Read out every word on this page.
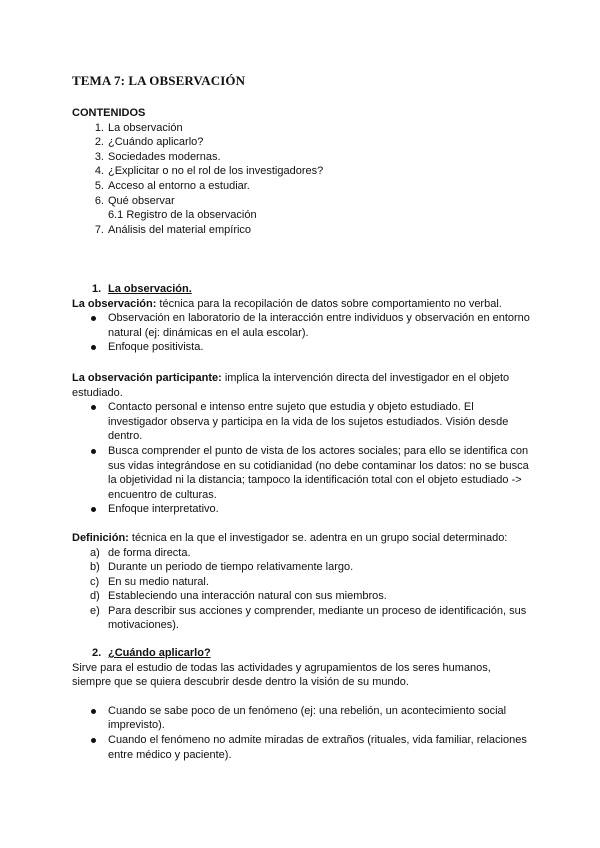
TEMA 7: LA OBSERVACIÓN
CONTENIDOS
1. La observación
2. ¿Cuándo aplicarlo?
3. Sociedades modernas.
4. ¿Explicitar o no el rol de los investigadores?
5. Acceso al entorno a estudiar.
6. Qué observar
6.1 Registro de la observación
7. Análisis del material empírico
1. La observación.

La observación: técnica para la recopilación de datos sobre comportamiento no verbal.

Observación en laboratorio de la interacción entre individuos y observación en entorno natural (ej: dinámicas en el aula escolar).
Enfoque positivista.

La observación participante: implica la intervención directa del investigador en el objeto estudiado.

Contacto personal e intenso entre sujeto que estudia y objeto estudiado. El investigador observa y participa en la vida de los sujetos estudiados. Visión desde dentro.
Busca comprender el punto de vista de los actores sociales; para ello se identifica con sus vidas integrándose en su cotidianidad (no debe contaminar los datos: no se busca la objetividad ni la distancia; tampoco la identificación total con el objeto estudiado -> encuentro de culturas.
Enfoque interpretativo.

Definición: técnica en la que el investigador se. adentra en un grupo social determinado:

a) de forma directa.
b) Durante un periodo de tiempo relativamente largo.
c) En su medio natural.
d) Estableciendo una interacción natural con sus miembros.
e) Para describir sus acciones y comprender, mediante un proceso de identificación, sus motivaciones).
2. ¿Cuándo aplicarlo?

Sirve para el estudio de todas las actividades y agrupamientos de los seres humanos, siempre que se quiera descubrir desde dentro la visión de su mundo.

Cuando se sabe poco de un fenómeno (ej: una rebelión, un acontecimiento social imprevisto).
Cuando el fenómeno no admite miradas de extraños (rituales, vida familiar, relaciones entre médico y paciente).
